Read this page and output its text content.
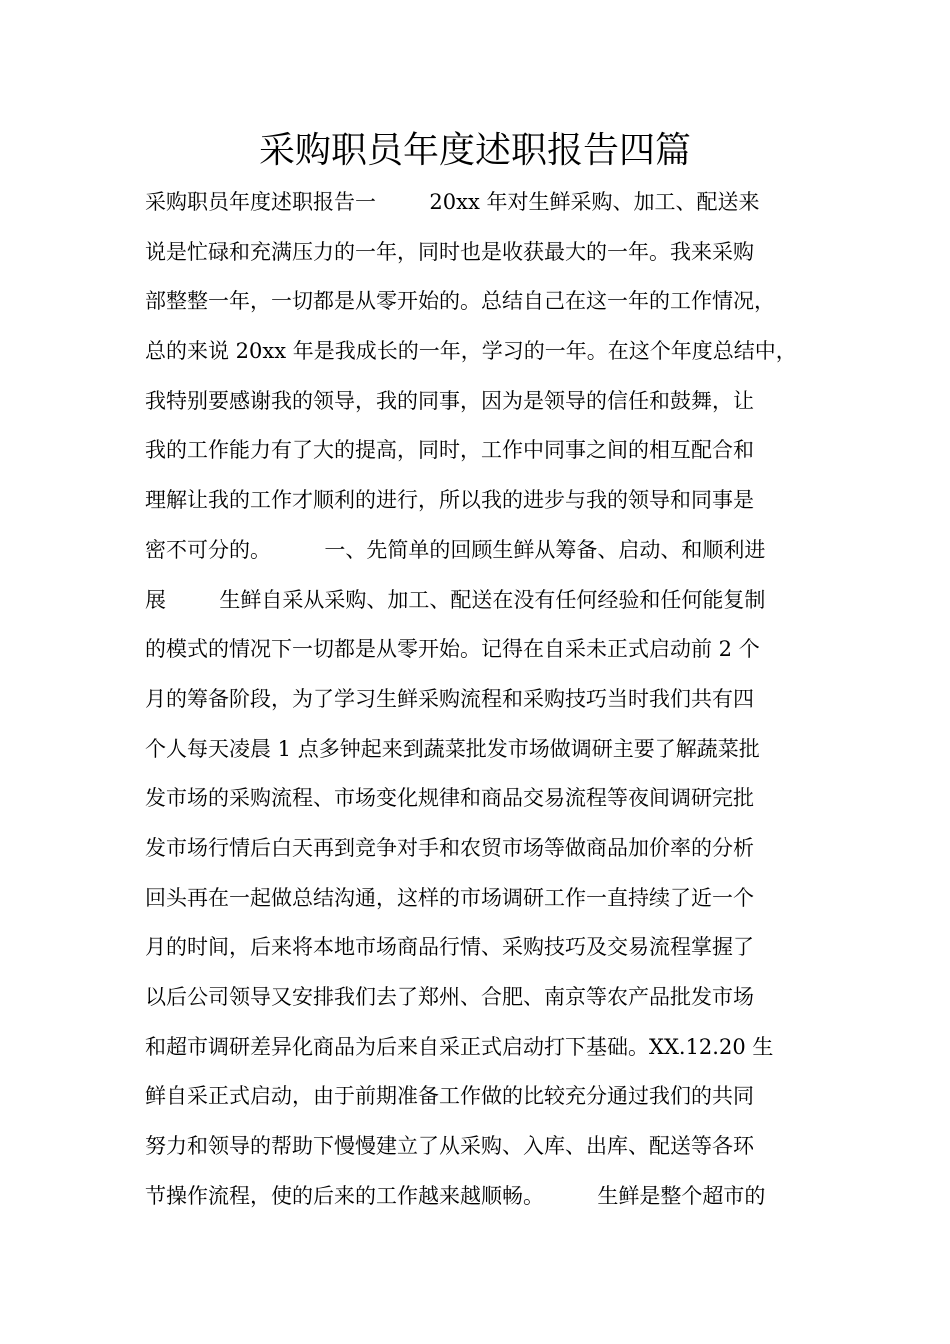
采购职员年度述职报告四篇
采购职员年度述职报告一        20xx 年对生鲜采购、加工、配送来
说是忙碌和充满压力的一年，同时也是收获最大的一年。我来采购
部整整一年，一切都是从零开始的。总结自己在这一年的工作情况，
总的来说 20xx 年是我成长的一年，学习的一年。在这个年度总结中，
我特别要感谢我的领导，我的同事，因为是领导的信任和鼓舞，让
我的工作能力有了大的提高，同时，工作中同事之间的相互配合和
理解让我的工作才顺利的进行，所以我的进步与我的领导和同事是
密不可分的。        一、先简单的回顾生鲜从筹备、启动、和顺利进
展        生鲜自采从采购、加工、配送在没有任何经验和任何能复制
的模式的情况下一切都是从零开始。记得在自采未正式启动前 2 个
月的筹备阶段，为了学习生鲜采购流程和采购技巧当时我们共有四
个人每天凌晨 1 点多钟起来到蔬菜批发市场做调研主要了解蔬菜批
发市场的采购流程、市场变化规律和商品交易流程等夜间调研完批
发市场行情后白天再到竞争对手和农贸市场等做商品加价率的分析
回头再在一起做总结沟通，这样的市场调研工作一直持续了近一个
月的时间，后来将本地市场商品行情、采购技巧及交易流程掌握了
以后公司领导又安排我们去了郑州、合肥、南京等农产品批发市场
和超市调研差异化商品为后来自采正式启动打下基础。XX.12.20 生
鲜自采正式启动，由于前期准备工作做的比较充分通过我们的共同
努力和领导的帮助下慢慢建立了从采购、入库、出库、配送等各环
节操作流程，使的后来的工作越来越顺畅。        生鲜是整个超市的
